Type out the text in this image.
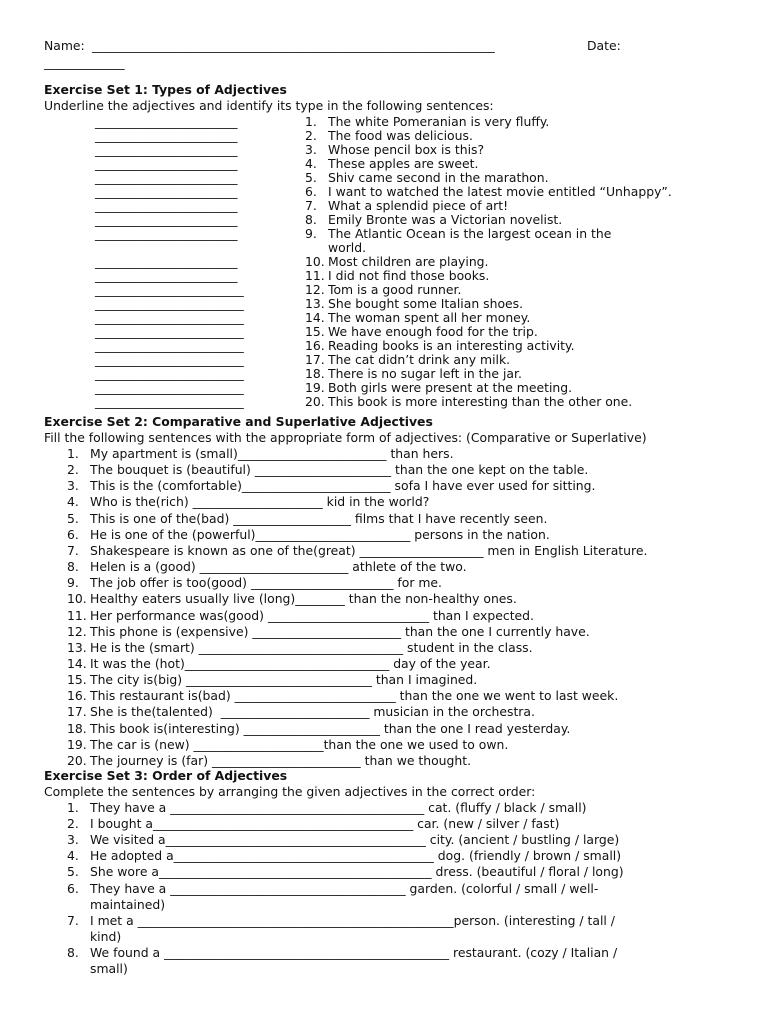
Name: _________________________________________________________________	Date:
_____________
Exercise Set 1: Types of Adjectives
Underline the adjectives and identify its type in the following sentences:
_______________________	1. The white Pomeranian is very fluffy.
_______________________	2. The food was delicious.
_______________________	3. Whose pencil box is this?
_______________________	4. These apples are sweet.
_______________________	5. Shiv came second in the marathon.
_______________________	6. I want to watched the latest movie entitled “Unhappy”.
_______________________	7. What a splendid piece of art!
_______________________	8. Emily Bronte was a Victorian novelist.
_______________________	9. The Atlantic Ocean is the largest ocean in the
world.
_______________________	10. Most children are playing.
_______________________	11. I did not find those books.
________________________	12. Tom is a good runner.
________________________	13. She bought some Italian shoes.
________________________	14. The woman spent all her money.
________________________	15. We have enough food for the trip.
________________________	16. Reading books is an interesting activity.
________________________	17. The cat didn’t drink any milk.
________________________	18. There is no sugar left in the jar.
________________________	19. Both girls were present at the meeting.
________________________	20. This book is more interesting than the other one.
Exercise Set 2: Comparative and Superlative Adjectives
Fill the following sentences with the appropriate form of adjectives: (Comparative or Superlative)
1. My apartment is (small)________________________ than hers.
2. The bouquet is (beautiful) ______________________ than the one kept on the table.
3. This is the (comfortable)________________________ sofa I have ever used for sitting.
4. Who is the(rich) _____________________ kid in the world?
5. This is one of the(bad) ___________________ films that I have recently seen.
6. He is one of the (powerful)_________________________ persons in the nation.
7. Shakespeare is known as one of the(great) ____________________ men in English Literature.
8. Helen is a (good) ________________________ athlete of the two.
9. The job offer is too(good) _______________________ for me.
10. Healthy eaters usually live (long)________ than the non-healthy ones.
11. Her performance was(good) __________________________ than I expected.
12. This phone is (expensive) ________________________ than the one I currently have.
13. He is the (smart) _________________________________ student in the class.
14. It was the (hot)_________________________________ day of the year.
15. The city is(big) ______________________________ than I imagined.
16. This restaurant is(bad) __________________________ than the one we went to last week.
17. She is the(talented)  ________________________ musician in the orchestra.
18. This book is(interesting) ______________________ than the one I read yesterday.
19. The car is (new) _____________________than the one we used to own.
20. The journey is (far) ________________________ than we thought.
Exercise Set 3: Order of Adjectives
Complete the sentences by arranging the given adjectives in the correct order:
1. They have a _________________________________________ cat. (fluffy / black / small)
2. I bought a__________________________________________ car. (new / silver / fast)
3. We visited a__________________________________________ city. (ancient / bustling / large)
4. He adopted a__________________________________________ dog. (friendly / brown / small)
5. She wore a____________________________________________ dress. (beautiful / floral / long)
6. They have a ______________________________________ garden. (colorful / small / well-
maintained)
7. I met a ___________________________________________________person. (interesting / tall /
kind)
8. We found a ______________________________________________ restaurant. (cozy / Italian /
small)
